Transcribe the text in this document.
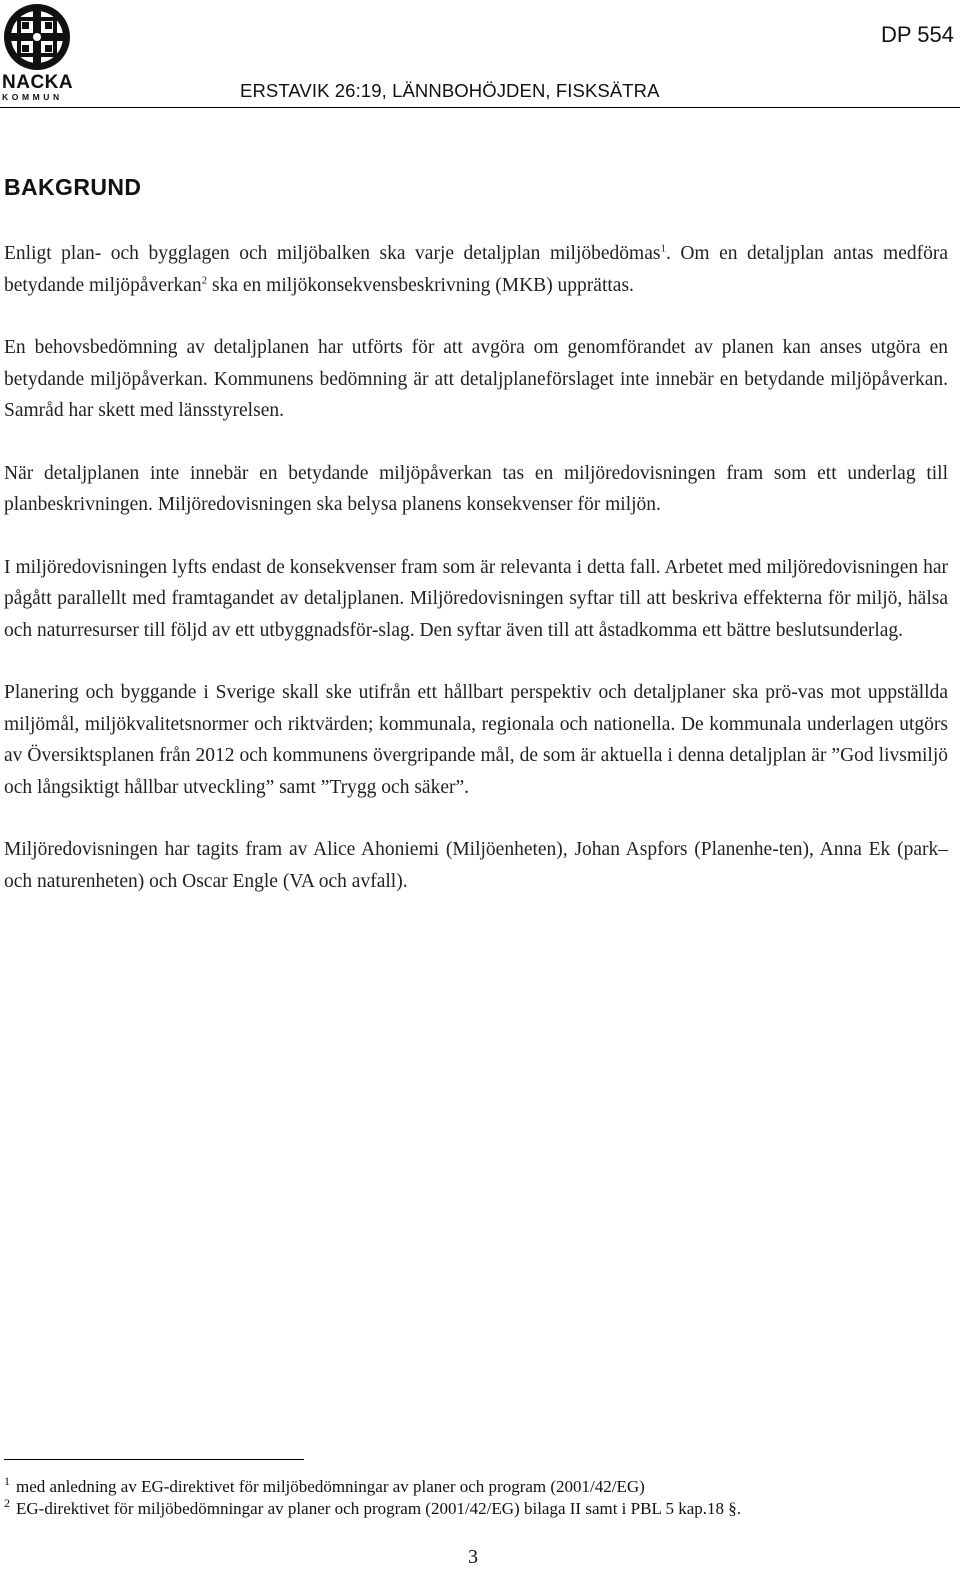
NACKA
KOMMUN
DP 554
ERSTAVIK 26:19, LÄNNBOHÖJDEN, FISKSÄTRA
BAKGRUND

Enligt plan- och bygglagen och miljöbalken ska varje detaljplan miljöbedömas$^1$. Om en detaljplan antas medföra betydande miljöpåverkan$^2$ ska en miljökonsekvensbeskrivning (MKB) upprättas.

En behovsbedömning av detaljplanen har utförts för att avgöra om genomförandet av planen kan anses utgöra en betydande miljöpåverkan. Kommunens bedömning är att detaljplaneförslaget inte innebär en betydande miljöpåverkan. Samråd har skett med länsstyrelsen.

När detaljplanen inte innebär en betydande miljöpåverkan tas en miljöredovisningen fram som ett underlag till planbeskrivningen. Miljöredovisningen ska belysa planens konsekvenser för miljön.

I miljöredovisningen lyfts endast de konsekvenser fram som är relevanta i detta fall. Arbetet med miljöredovisningen har pågått parallellt med framtagandet av detaljplanen. Miljöredovisningen syftar till att beskriva effekterna för miljö, hälsa och naturresurser till följd av ett utbyggnadsför-slag. Den syftar även till att åstadkomma ett bättre beslutsunderlag.

Planering och byggande i Sverige skall ske utifrån ett hållbart perspektiv och detaljplaner ska prö-vas mot uppställda miljömål, miljökvalitetsnormer och riktvärden; kommunala, regionala och nationella. De kommunala underlagen utgörs av Översiktsplanen från 2012 och kommunens övergripande mål, de som är aktuella i denna detaljplan är ”God livsmiljö och långsiktigt hållbar utveckling” samt ”Trygg och säker”.

Miljöredovisningen har tagits fram av Alice Ahoniemi (Miljöenheten), Johan Aspfors (Planenhe-ten), Anna Ek (park– och naturenheten) och Oscar Engle (VA och avfall).

$^1$ med anledning av EG-direktivet för miljöbedömningar av planer och program (2001/42/EG)

$^2$ EG-direktivet för miljöbedömningar av planer och program (2001/42/EG) bilaga II samt i PBL 5 kap.18 §.

3
